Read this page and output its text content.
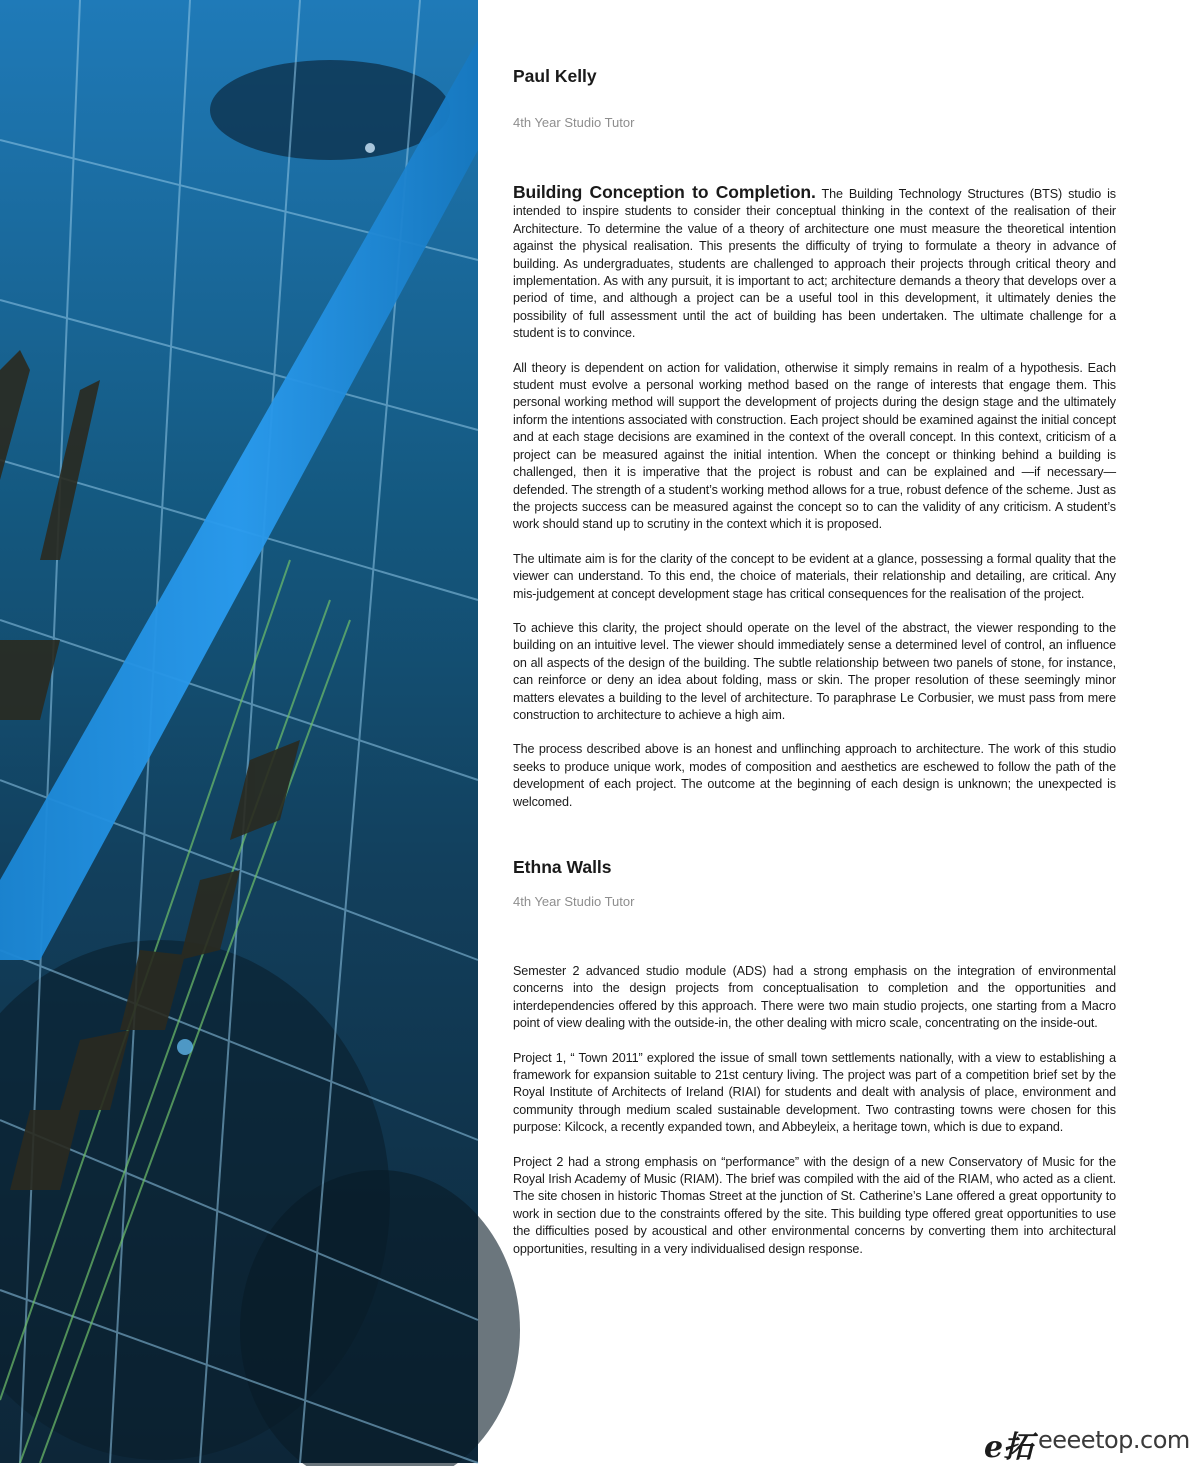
Paul Kelly

4th Year Studio Tutor

Building Conception to Completion. The Building Technology Structures (BTS) studio is intended to inspire students to consider their conceptual thinking in the context of the realisation of their Architecture. To determine the value of a theory of architecture one must measure the theoretical intention against the physical realisation. This presents the difficulty of trying to formulate a theory in advance of building. As undergraduates, students are challenged to approach their projects through critical theory and implementation. As with any pursuit, it is important to act; architecture demands a theory that develops over a period of time, and although a project can be a useful tool in this development, it ultimately denies the possibility of full assessment until the act of building has been undertaken. The ultimate challenge for a student is to convince.

All theory is dependent on action for validation, otherwise it simply remains in realm of a hypothesis. Each student must evolve a personal working method based on the range of interests that engage them. This personal working method will support the development of projects during the design stage and the ultimately inform the intentions associated with construction. Each project should be examined against the initial concept and at each stage decisions are examined in the context of the overall concept. In this context, criticism of a project can be measured against the initial intention. When the concept or thinking behind a building is challenged, then it is imperative that the project is robust and can be explained and —if necessary—defended. The strength of a student’s working method allows for a true, robust defence of the scheme. Just as the projects success can be measured against the concept so to can the validity of any criticism. A student’s work should stand up to scrutiny in the context which it is proposed.

The ultimate aim is for the clarity of the concept to be evident at a glance, possessing a formal quality that the viewer can understand. To this end, the choice of materials, their relationship and detailing, are critical. Any mis-judgement at concept development stage has critical consequences for the realisation of the project.

To achieve this clarity, the project should operate on the level of the abstract, the viewer responding to the building on an intuitive level. The viewer should immediately sense a determined level of control, an influence on all aspects of the design of the building. The subtle relationship between two panels of stone, for instance, can reinforce or deny an idea about folding, mass or skin. The proper resolution of these seemingly minor matters elevates a building to the level of architecture. To paraphrase Le Corbusier, we must pass from mere construction to architecture to achieve a high aim.

The process described above is an honest and unflinching approach to architecture. The work of this studio seeks to produce unique work, modes of composition and aesthetics are eschewed to follow the path of the development of each project. The outcome at the beginning of each design is unknown; the unexpected is welcomed.

Ethna Walls

4th Year Studio Tutor

Semester 2 advanced studio module (ADS) had a strong emphasis on the integration of environmental concerns into the design projects from conceptualisation to completion and the opportunities and interdependencies offered by this approach. There were two main studio projects, one starting from a Macro point of view dealing with the outside-in, the other dealing with micro scale, concentrating on the inside-out.

Project 1, “ Town 2011” explored the issue of small town settlements nationally, with a view to establishing a framework for expansion suitable to 21st century living. The project was part of a competition brief set by the Royal Institute of Architects of Ireland (RIAI) for students and dealt with analysis of place, environment and community through medium scaled sustainable development. Two contrasting towns were chosen for this purpose: Kilcock, a recently expanded town, and Abbeyleix, a heritage town, which is due to expand.

Project 2 had a strong emphasis on “performance” with the design of a new Conservatory of Music for the Royal Irish Academy of Music (RIAM). The brief was compiled with the aid of the RIAM, who acted as a client. The site chosen in historic Thomas Street at the junction of St. Catherine’s Lane offered a great opportunity to work in section due to the constraints offered by the site. This building type offered great opportunities to use the difficulties posed by acoustical and other environmental concerns by converting them into architectural opportunities, resulting in a very individualised design response.

e拓 eeeetop.com
